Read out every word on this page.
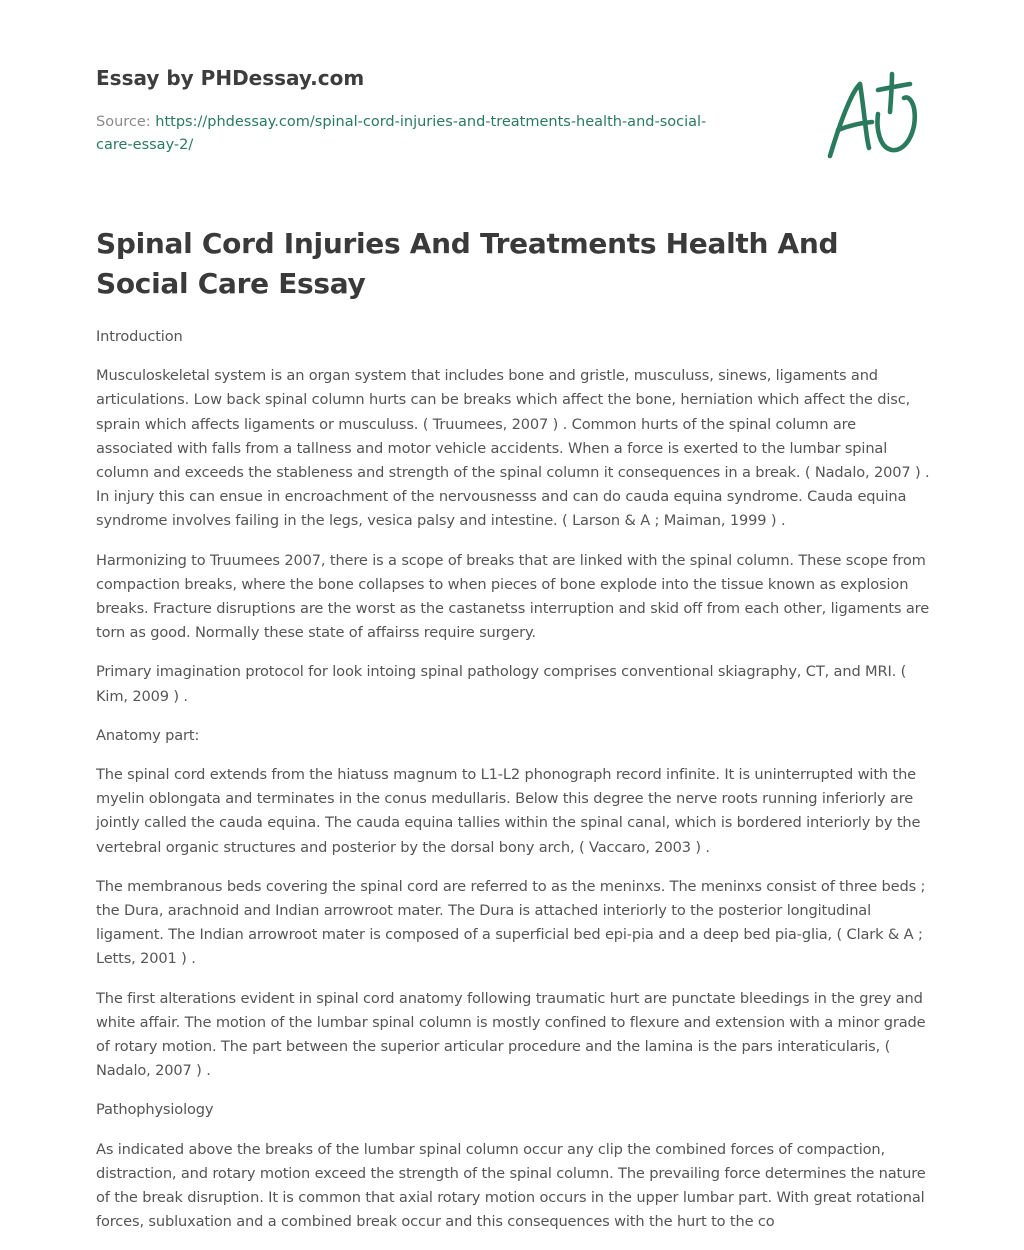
Essay by PHDessay.com
Source: https://phdessay.com/spinal-cord-injuries-and-treatments-health-and-social-
care-essay-2/
Spinal Cord Injuries And Treatments Health And Social Care Essay

Introduction

Musculoskeletal system is an organ system that includes bone and gristle, musculuss, sinews, ligaments and articulations. Low back spinal column hurts can be breaks which affect the bone, herniation which affect the disc, sprain which affects ligaments or musculuss. ( Truumees, 2007 ) . Common hurts of the spinal column are associated with falls from a tallness and motor vehicle accidents. When a force is exerted to the lumbar spinal column and exceeds the stableness and strength of the spinal column it consequences in a break. ( Nadalo, 2007 ) . In injury this can ensue in encroachment of the nervousnesss and can do cauda equina syndrome. Cauda equina syndrome involves failing in the legs, vesica palsy and intestine. ( Larson & A ; Maiman, 1999 ) .

Harmonizing to Truumees 2007, there is a scope of breaks that are linked with the spinal column. These scope from compaction breaks, where the bone collapses to when pieces of bone explode into the tissue known as explosion breaks. Fracture disruptions are the worst as the castanetss interruption and skid off from each other, ligaments are torn as good. Normally these state of affairss require surgery.

Primary imagination protocol for look intoing spinal pathology comprises conventional skiagraphy, CT, and MRI. ( Kim, 2009 ) .

Anatomy part:

The spinal cord extends from the hiatuss magnum to L1-L2 phonograph record infinite. It is uninterrupted with the myelin oblongata and terminates in the conus medullaris. Below this degree the nerve roots running inferiorly are jointly called the cauda equina. The cauda equina tallies within the spinal canal, which is bordered interiorly by the vertebral organic structures and posterior by the dorsal bony arch, ( Vaccaro, 2003 ) .

The membranous beds covering the spinal cord are referred to as the meninxs. The meninxs consist of three beds ; the Dura, arachnoid and Indian arrowroot mater. The Dura is attached interiorly to the posterior longitudinal ligament. The Indian arrowroot mater is composed of a superficial bed epi-pia and a deep bed pia-glia, ( Clark & A ; Letts, 2001 ) .

The first alterations evident in spinal cord anatomy following traumatic hurt are punctate bleedings in the grey and white affair. The motion of the lumbar spinal column is mostly confined to flexure and extension with a minor grade of rotary motion. The part between the superior articular procedure and the lamina is the pars interaticularis, ( Nadalo, 2007 ) .

Pathophysiology

As indicated above the breaks of the lumbar spinal column occur any clip the combined forces of compaction, distraction, and rotary motion exceed the strength of the spinal column. The prevailing force determines the nature of the break disruption. It is common that axial rotary motion occurs in the upper lumbar part. With great rotational forces, subluxation and a combined break occur and this consequences with the hurt to the co
